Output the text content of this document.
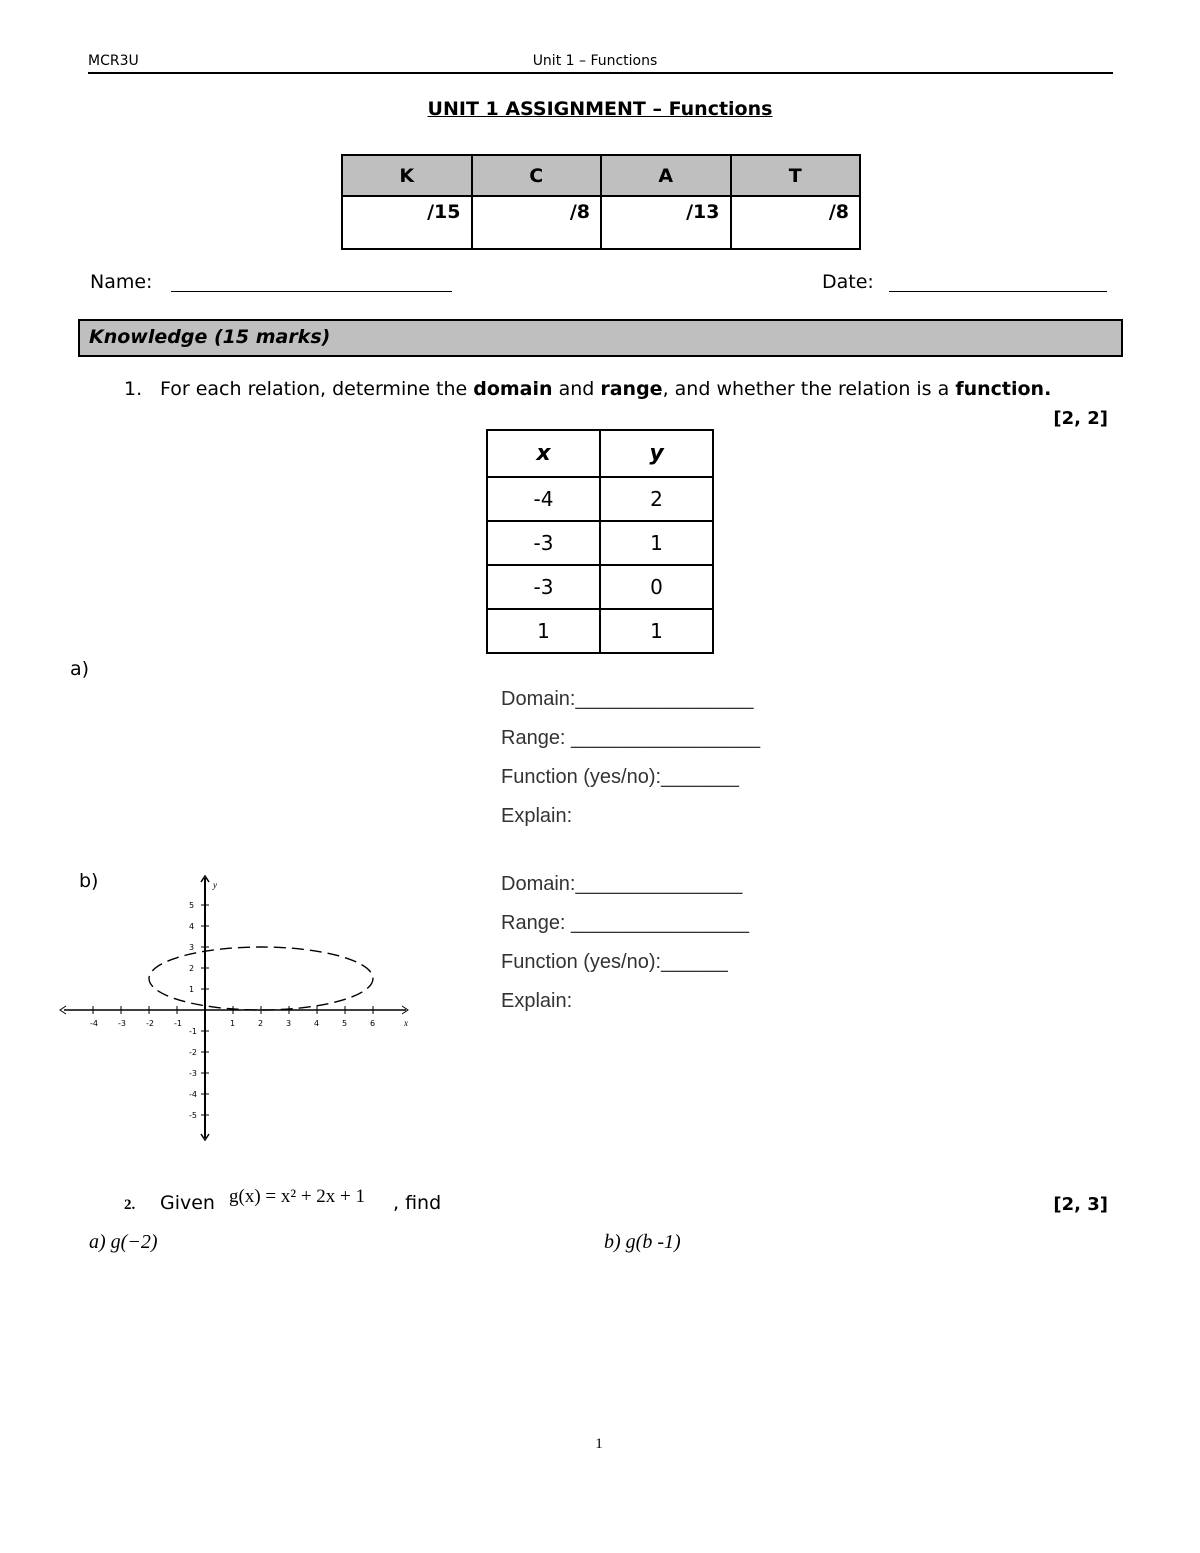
MCR3U	Unit 1 – Functions
UNIT 1 ASSIGNMENT – Functions
K	C	A	T
/15	/8	/13	/8
Name:	Date:
Knowledge (15 marks)
1. For each relation, determine the domain and range, and whether the relation is a function.
[2, 2]
x	y
-4	2
-3	1
-3	0
1	1
a)
Domain:________________
Range: _________________
Function (yes/no):_______
Explain:
b)	Domain:_______________
Range: ________________
Function (yes/no):______
Explain:
y
x
-4	-3	-2	-1	1	2	3	4	5	6
5
4
3
2
1
-1
-2
-3
-4
-5
2. Given g(x) = x² + 2x + 1 , find	[2, 3]
a) g(−2)	b) g(b -1)
1
